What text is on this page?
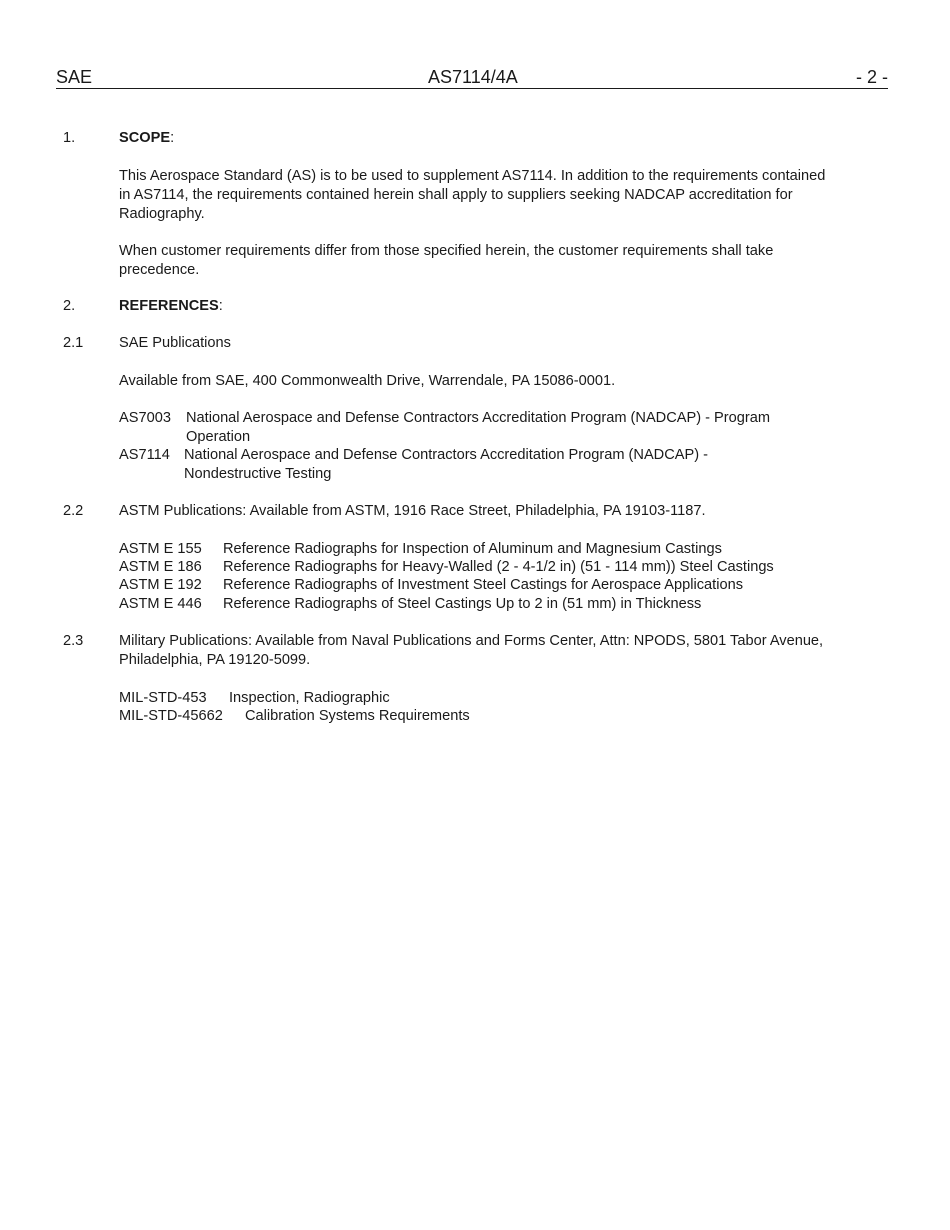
SAE	AS7114/4A	- 2 -
1.	SCOPE:
This Aerospace Standard (AS) is to be used to supplement AS7114. In addition to the requirements contained in AS7114, the requirements contained herein shall apply to suppliers seeking NADCAP accreditation for Radiography.
When customer requirements differ from those specified herein, the customer requirements shall take precedence.
2.	REFERENCES:
2.1 SAE Publications
Available from SAE, 400 Commonwealth Drive, Warrendale, PA 15086-0001.
AS7003 National Aerospace and Defense Contractors Accreditation Program (NADCAP) - Program Operation
AS7114 National Aerospace and Defense Contractors Accreditation Program (NADCAP) - Nondestructive Testing
2.2 ASTM Publications: Available from ASTM, 1916 Race Street, Philadelphia, PA 19103-1187.
ASTM E 155 Reference Radiographs for Inspection of Aluminum and Magnesium Castings
ASTM E 186 Reference Radiographs for Heavy-Walled (2 - 4-1/2 in) (51 - 114 mm)) Steel Castings
ASTM E 192 Reference Radiographs of Investment Steel Castings for Aerospace Applications
ASTM E 446 Reference Radiographs of Steel Castings Up to 2 in (51 mm) in Thickness
2.3 Military Publications: Available from Naval Publications and Forms Center, Attn: NPODS, 5801 Tabor Avenue, Philadelphia, PA 19120-5099.
MIL-STD-453 Inspection, Radiographic
MIL-STD-45662 Calibration Systems Requirements
